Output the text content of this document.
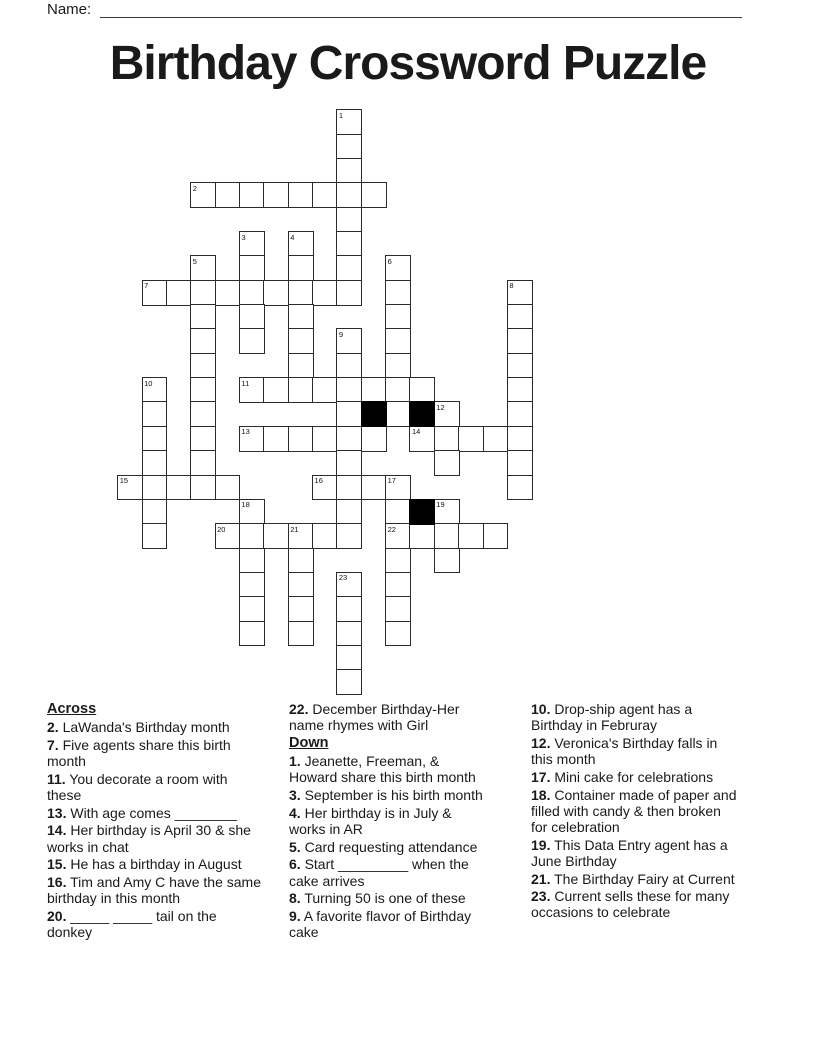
Name:
Birthday Crossword Puzzle
1
2
3	4
5	6
7	8
9
10	11
12
13	14
15	16	17
18	19
20	21	22
23
Across
2. LaWanda's Birthday month
7. Five agents share this birth month
11. You decorate a room with these
13. With age comes ________
14. Her birthday is April 30 & she works in chat
15. He has a birthday in August
16. Tim and Amy C have the same birthday in this month
20. _____ _____ tail on the donkey
22. December Birthday-Her name rhymes with Girl
Down
1. Jeanette, Freeman, & Howard share this birth month
3. September is his birth month
4. Her birthday is in July & works in AR
5. Card requesting attendance
6. Start _________ when the cake arrives
8. Turning 50 is one of these
9. A favorite flavor of Birthday cake
10. Drop-ship agent has a Birthday in Februray
12. Veronica's Birthday falls in this month
17. Mini cake for celebrations
18. Container made of paper and filled with candy & then broken for celebration
19. This Data Entry agent has a June Birthday
21. The Birthday Fairy at Current
23. Current sells these for many occasions to celebrate
